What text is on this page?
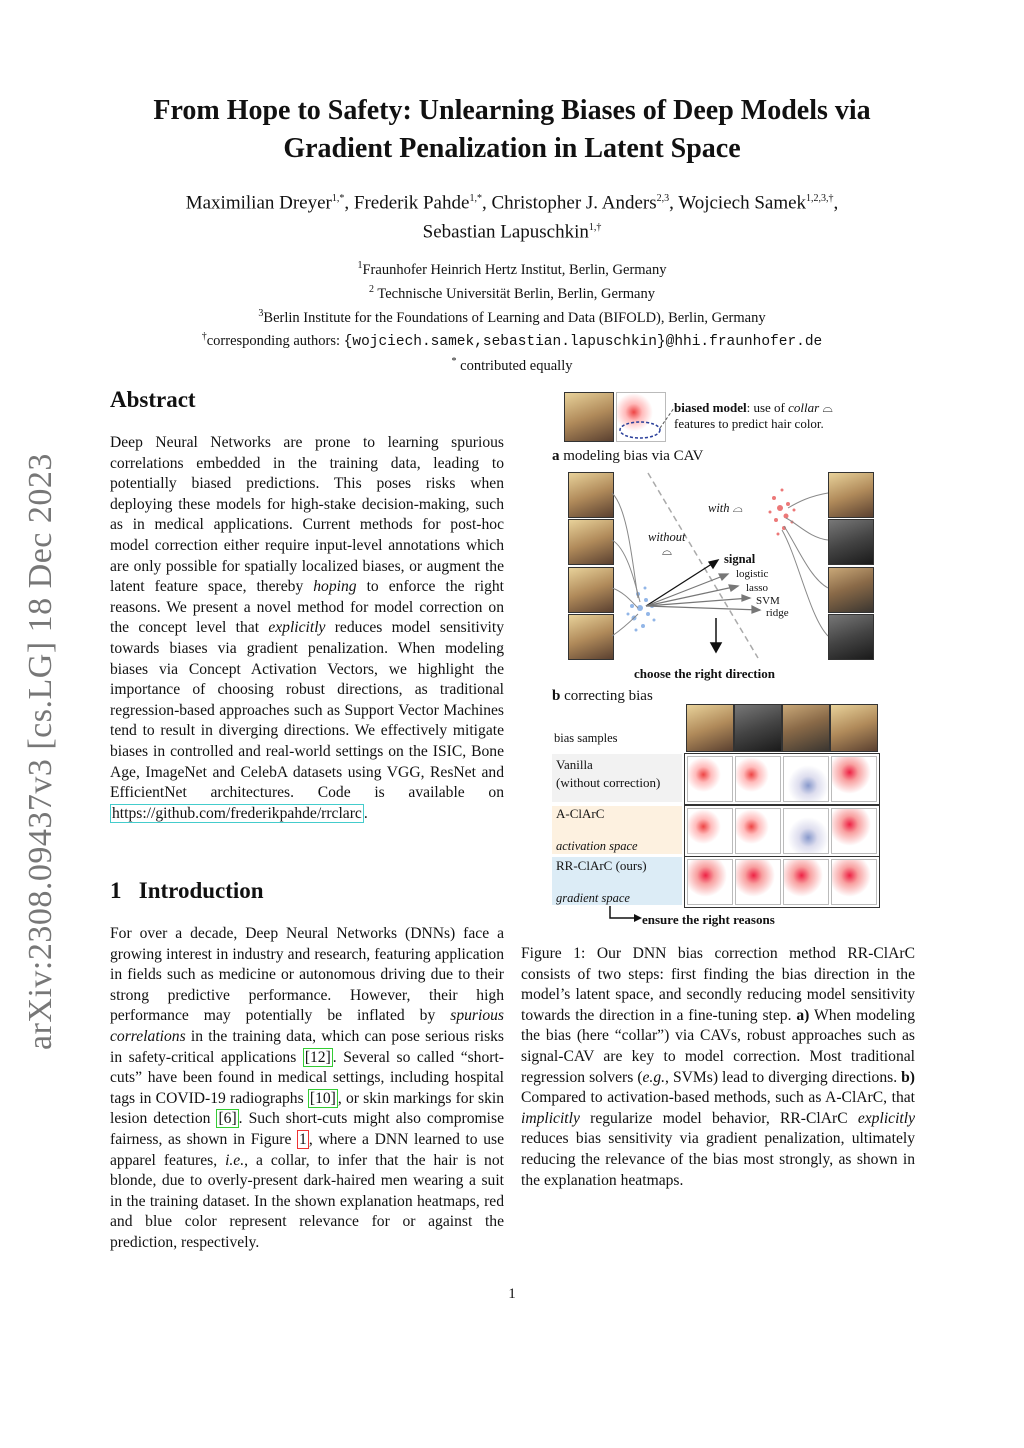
From Hope to Safety: Unlearning Biases of Deep Models via
Gradient Penalization in Latent Space
Maximilian Dreyer$^{1,*}$, Frederik Pahde$^{1,*}$, Christopher J. Anders$^{2,3}$, Wojciech Samek$^{1,2,3,\dagger}$,
Sebastian Lapuschkin$^{1,\dagger}$
$^1$Fraunhofer Heinrich Hertz Institut, Berlin, Germany
$^2$ Technische Universität Berlin, Berlin, Germany
$^3$Berlin Institute for the Foundations of Learning and Data (BIFOLD), Berlin, Germany
†corresponding authors: {wojciech.samek,sebastian.lapuschkin}@hhi.fraunhofer.de
* contributed equally
arXiv:2308.09437v3 [cs.LG] 18 Dec 2023
Abstract
Deep Neural Networks are prone to learning spurious correlations embedded in the training data, leading to potentially biased predictions. This poses risks when deploying these models for high-stake decision-making, such as in medical applications. Current methods for post-hoc model correction either require input-level annotations which are only possible for spatially localized biases, or augment the latent feature space, thereby hoping to enforce the right reasons. We present a novel method for model correction on the concept level that explicitly reduces model sensitivity towards biases via gradient penalization. When modeling biases via Concept Activation Vectors, we highlight the importance of choosing robust directions, as traditional regression-based approaches such as Support Vector Machines tend to result in diverging directions. We effectively mitigate biases in controlled and real-world settings on the ISIC, Bone Age, ImageNet and CelebA datasets using VGG, ResNet and EfficientNet architectures. Code is available on https://github.com/frederikpahde/rrclarc .
1 Introduction
For over a decade, Deep Neural Networks (DNNs) face a growing interest in industry and research, featuring application in fields such as medicine or autonomous driving due to their strong predictive performance. However, their high performance may potentially be inflated by spurious correlations in the training data, which can pose serious risks in safety-critical applications [12] . Several so called “short-cuts” have been found in medical settings, including hospital tags in COVID-19 radiographs [10] , or skin markings for skin lesion detection [6] . Such short-cuts might also compromise fairness, as shown in Figure 1 , where a DNN learned to use apparel features, i.e., a collar, to infer that the hair is not blonde, due to overly-present dark-haired men wearing a suit in the training dataset. In the shown explanation heatmaps, red and blue color represent relevance for or against the prediction, respectively.
biased model: use of collar ⌓
features to predict hair color.
a modeling bias via CAV
without
⌓
with ⌓
signal
logistic
lasso
SVM
ridge
choose the right direction
b correcting bias
bias samples
Vanilla
(without correction)
A-ClArC
activation space
RR-ClArC (ours)
gradient space
ensure the right reasons
Figure 1: Our DNN bias correction method RR-ClArC consists of two steps: first finding the bias direction in the model’s latent space, and secondly reducing model sensitivity towards the direction in a fine-tuning step. a) When modeling the bias (here “collar”) via CAVs, robust approaches such as signal-CAV are key to model correction. Most traditional regression solvers (e.g., SVMs) lead to diverging directions. b) Compared to activation-based methods, such as A-ClArC, that implicitly regularize model behavior, RR-ClArC explicitly reduces bias sensitivity via gradient penalization, ultimately reducing the relevance of the bias most strongly, as shown in the explanation heatmaps.
1
